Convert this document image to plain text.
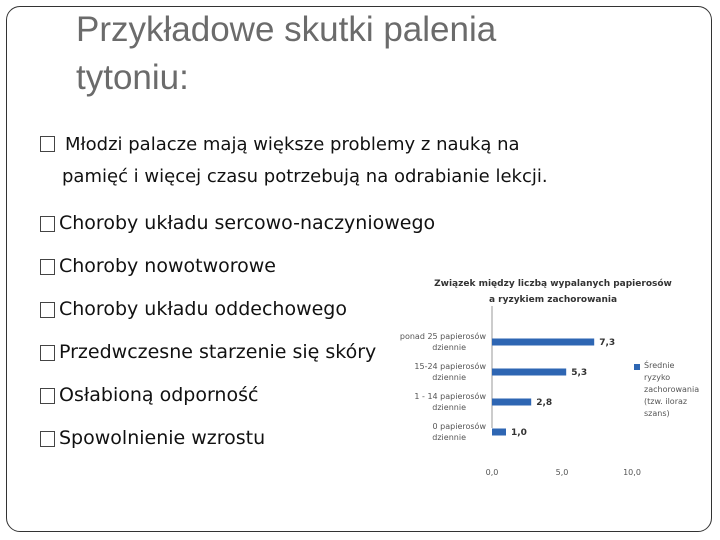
Przykładowe skutki palenia
tytoniu:
Młodzi palacze mają większe problemy z nauką na
pamięć i więcej czasu potrzebują na odrabianie lekcji.
Choroby układu sercowo-naczyniowego
Choroby nowotworowe
Choroby układu oddechowego
Przedwczesne starzenie się skóry
Osłabioną odporność
Spowolnienie wzrostu
Związek między liczbą wypalanych papierosów
a ryzykiem zachorowania
7,3
ponad 25 papierosów
dziennie
5,3
15-24 papierosów
dziennie
2,8
1 - 14 papierosów
dziennie
1,0
0 papierosów
dziennie
0,0	5,0	10,0
Średnie
ryzyko
zachorowania
(tzw. iloraz
szans)
